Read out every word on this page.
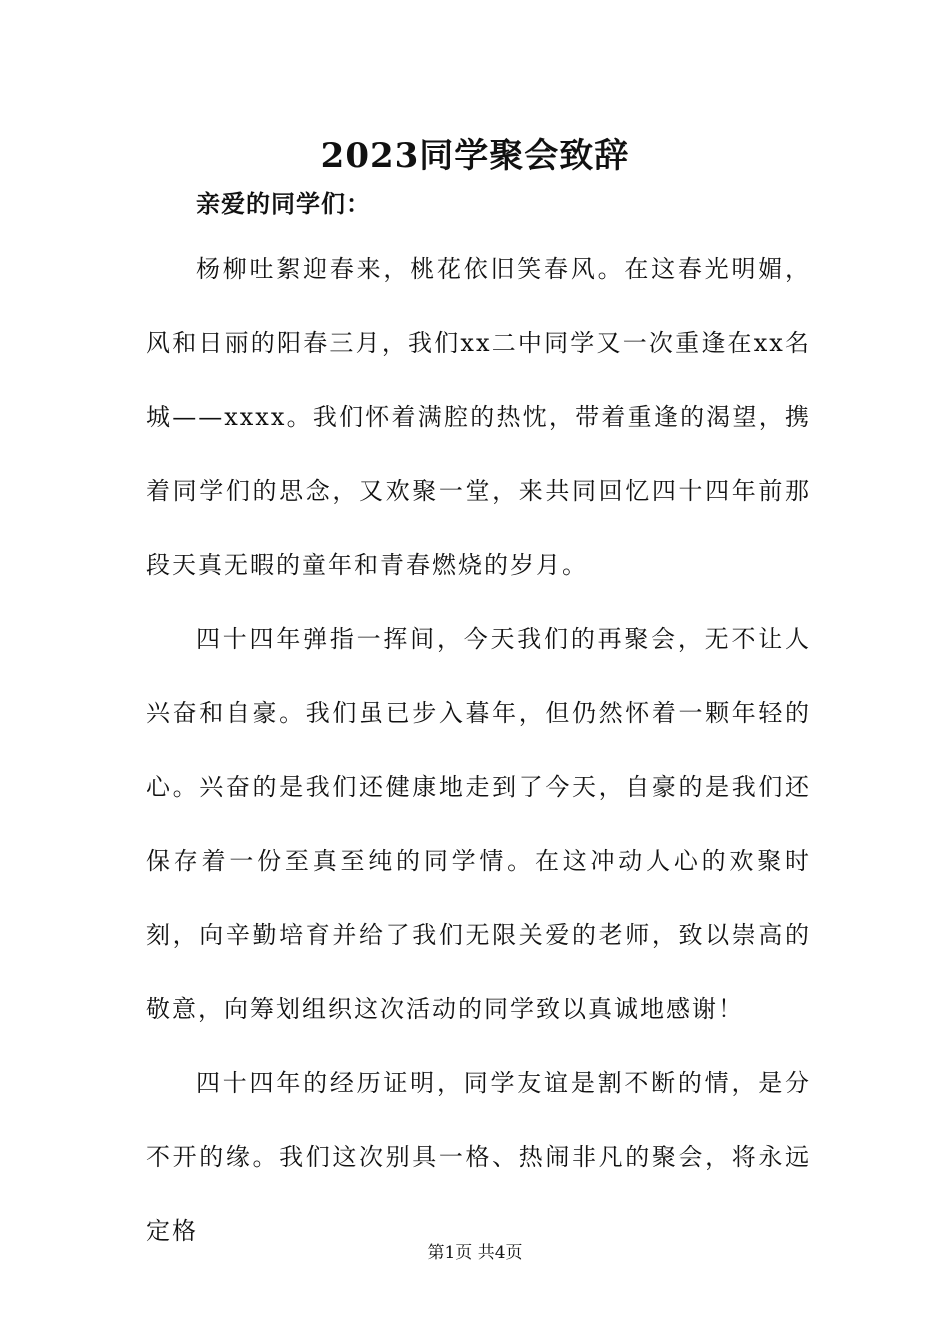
2023同学聚会致辞

亲爱的同学们：

杨柳吐絮迎春来，桃花依旧笑春风。在这春光明媚，风和日丽的阳春三月，我们xx二中同学又一次重逢在xx名城——xxxx。我们怀着满腔的热忱，带着重逢的渴望，携着同学们的思念，又欢聚一堂，来共同回忆四十四年前那段天真无暇的童年和青春燃烧的岁月。

四十四年弹指一挥间，今天我们的再聚会，无不让人兴奋和自豪。我们虽已步入暮年，但仍然怀着一颗年轻的心。兴奋的是我们还健康地走到了今天，自豪的是我们还保存着一份至真至纯的同学情。在这冲动人心的欢聚时刻，向辛勤培育并给了我们无限关爱的老师，致以崇高的敬意，向筹划组织这次活动的同学致以真诚地感谢！

四十四年的经历证明，同学友谊是割不断的情，是分不开的缘。我们这次别具一格、热闹非凡的聚会，将永远定格

第1页 共4页
